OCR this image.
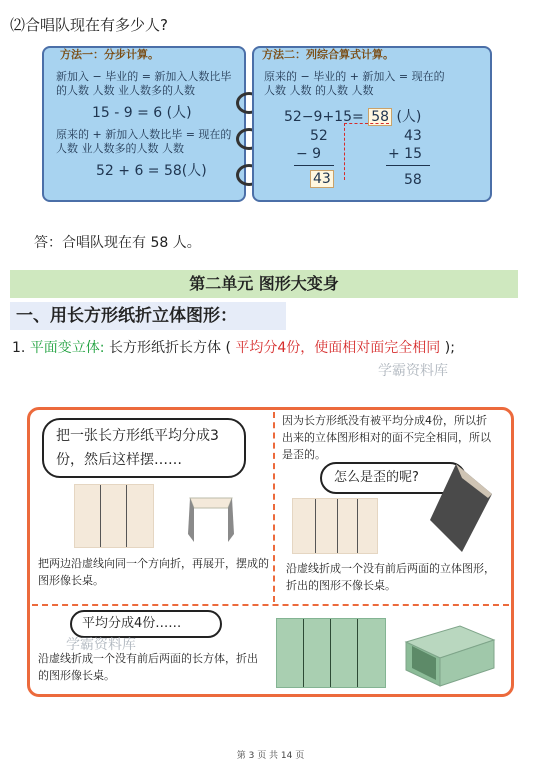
⑵合唱队现在有多少人?
方法一：分步计算。
新加入 − 毕业的 = 新加入人数比毕
的人数 人数 业人数多的人数
15 - 9 = 6 (人)
原来的 + 新加入人数比毕 = 现在的
人数 业人数多的人数 人数
52 + 6 = 58(人)
方法二：列综合算式计算。
原来的 − 毕业的 + 新加入 = 现在的
人数 人数 的人数 人数
52−9+15= 58 (人)
52
− 9
43
43
+ 15
58
答：合唱队现在有 58 人。
第二单元 图形大变身
一、用长方形纸折立体图形：
1. 平面变立体: 长方形纸折长方体 ( 平均分4份，使面相对面完全相同 );
学霸资料库
把一张长方形纸平均分成3份，然后这样摆……
把两边沿虚线向同一个方向折，再展开，摆成的图形像长桌。
因为长方形纸没有被平均分成4份，所以折出来的立体图形相对的面不完全相同，所以是歪的。
怎么是歪的呢?
沿虚线折成一个没有前后两面的立体图形，折出的图形不像长桌。
平均分成4份……
沿虚线折成一个没有前后两面的长方体，折出的图形像长桌。
学霸资料库
第 3 页 共 14 页
